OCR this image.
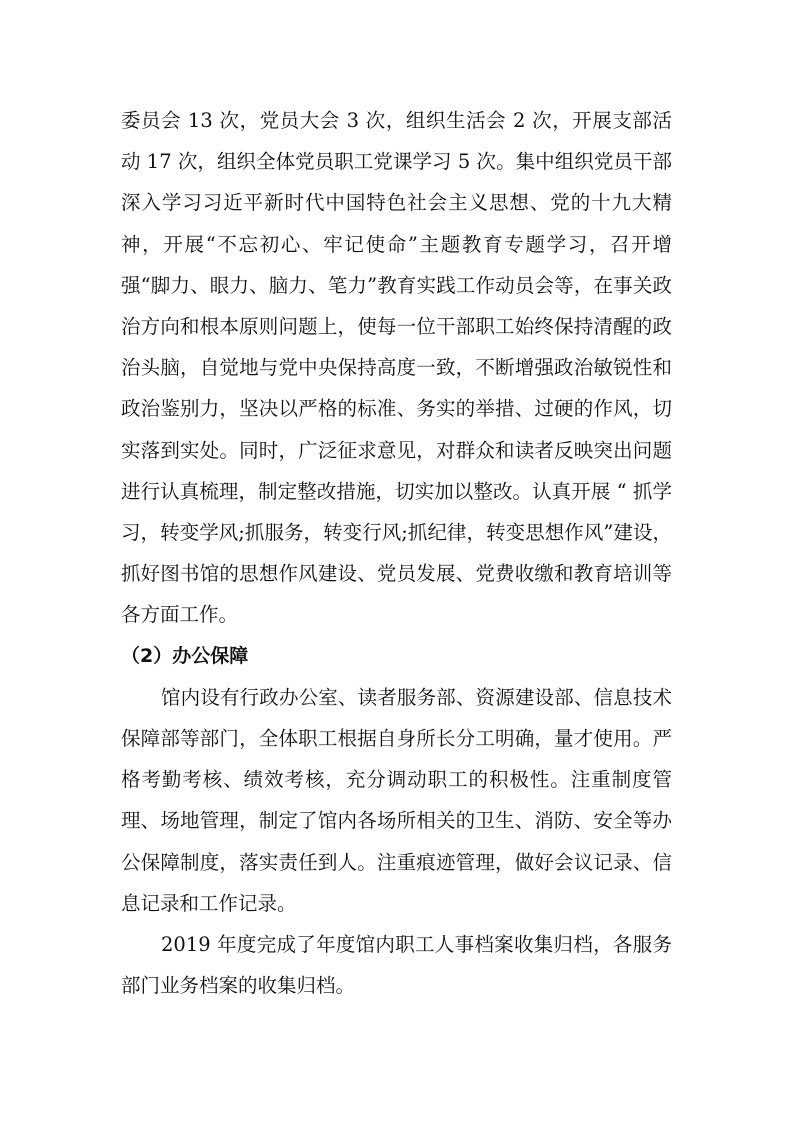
委员会 13 次，党员大会 3 次，组织生活会 2 次，开展支部活动 17 次，组织全体党员职工党课学习 5 次。集中组织党员干部深入学习习近平新时代中国特色社会主义思想、党的十九大精神，开展“不忘初心、牢记使命”主题教育专题学习，召开增强“脚力、眼力、脑力、笔力”教育实践工作动员会等，在事关政治方向和根本原则问题上，使每一位干部职工始终保持清醒的政治头脑，自觉地与党中央保持高度一致，不断增强政治敏锐性和政治鉴别力，坚决以严格的标准、务实的举措、过硬的作风，切实落到实处。同时，广泛征求意见，对群众和读者反映突出问题进行认真梳理，制定整改措施，切实加以整改。认真开展 “ 抓学习，转变学风;抓服务，转变行风;抓纪律，转变思想作风”建设，抓好图书馆的思想作风建设、党员发展、党费收缴和教育培训等各方面工作。

（2）办公保障

馆内设有行政办公室、读者服务部、资源建设部、信息技术保障部等部门，全体职工根据自身所长分工明确，量才使用。严格考勤考核、绩效考核，充分调动职工的积极性。注重制度管理、场地管理，制定了馆内各场所相关的卫生、消防、安全等办公保障制度，落实责任到人。注重痕迹管理，做好会议记录、信息记录和工作记录。

2019 年度完成了年度馆内职工人事档案收集归档，各服务部门业务档案的收集归档。
